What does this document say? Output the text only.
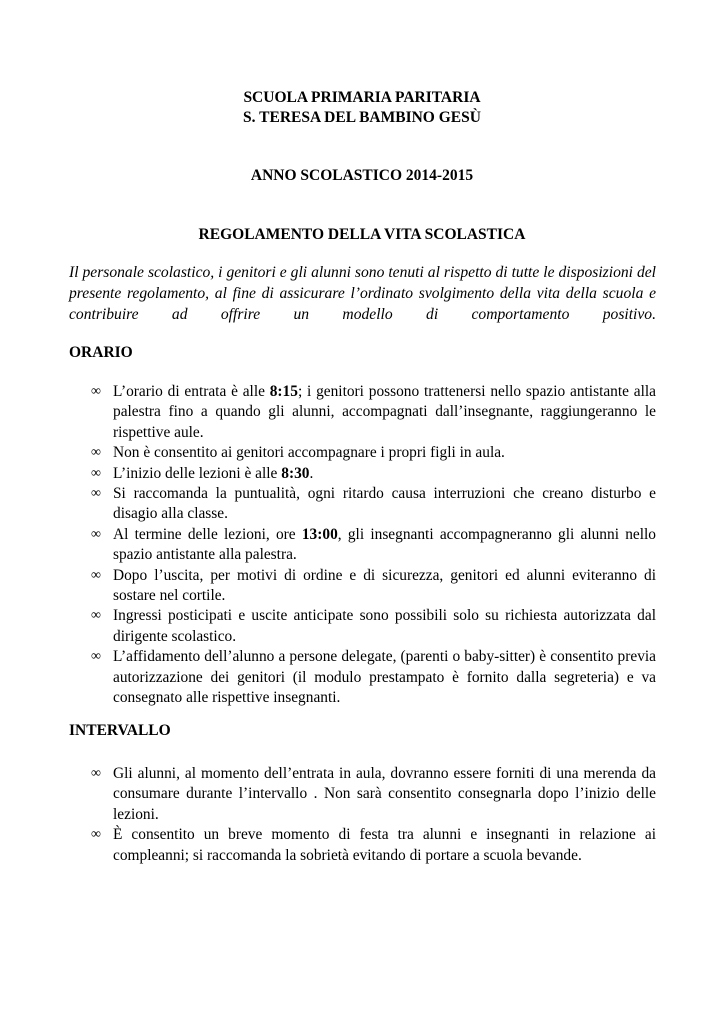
SCUOLA PRIMARIA PARITARIA
S. TERESA DEL BAMBINO GESÙ
ANNO SCOLASTICO 2014-2015
REGOLAMENTO DELLA VITA SCOLASTICA
Il personale scolastico, i genitori e gli alunni sono tenuti al rispetto di tutte le disposizioni del presente regolamento, al fine di assicurare l’ordinato svolgimento della vita della scuola e contribuire ad offrire un modello di comportamento positivo.
ORARIO
∞ L’orario di entrata è alle 8:15; i genitori possono trattenersi nello spazio antistante alla palestra fino a quando gli alunni, accompagnati dall’insegnante, raggiungeranno le rispettive aule.
∞ Non è consentito ai genitori accompagnare i propri figli in aula.
∞ L’inizio delle lezioni è alle 8:30.
∞ Si raccomanda la puntualità, ogni ritardo causa interruzioni che creano disturbo e disagio alla classe.
∞ Al termine delle lezioni, ore 13:00, gli insegnanti accompagneranno gli alunni nello spazio antistante alla palestra.
∞ Dopo l’uscita, per motivi di ordine e di sicurezza, genitori ed alunni eviteranno di sostare nel cortile.
∞ Ingressi posticipati e uscite anticipate sono possibili solo su richiesta autorizzata dal dirigente scolastico.
∞ L’affidamento dell’alunno a persone delegate, (parenti o baby-sitter) è consentito previa autorizzazione dei genitori (il modulo prestampato è fornito dalla segreteria) e va consegnato alle rispettive insegnanti.
INTERVALLO
∞ Gli alunni, al momento dell’entrata in aula, dovranno essere forniti di una merenda da consumare durante l’intervallo . Non sarà consentito consegnarla dopo l’inizio delle lezioni.
∞ È consentito un breve momento di festa tra alunni e insegnanti in relazione ai compleanni; si raccomanda la sobrietà evitando di portare a scuola bevande.
